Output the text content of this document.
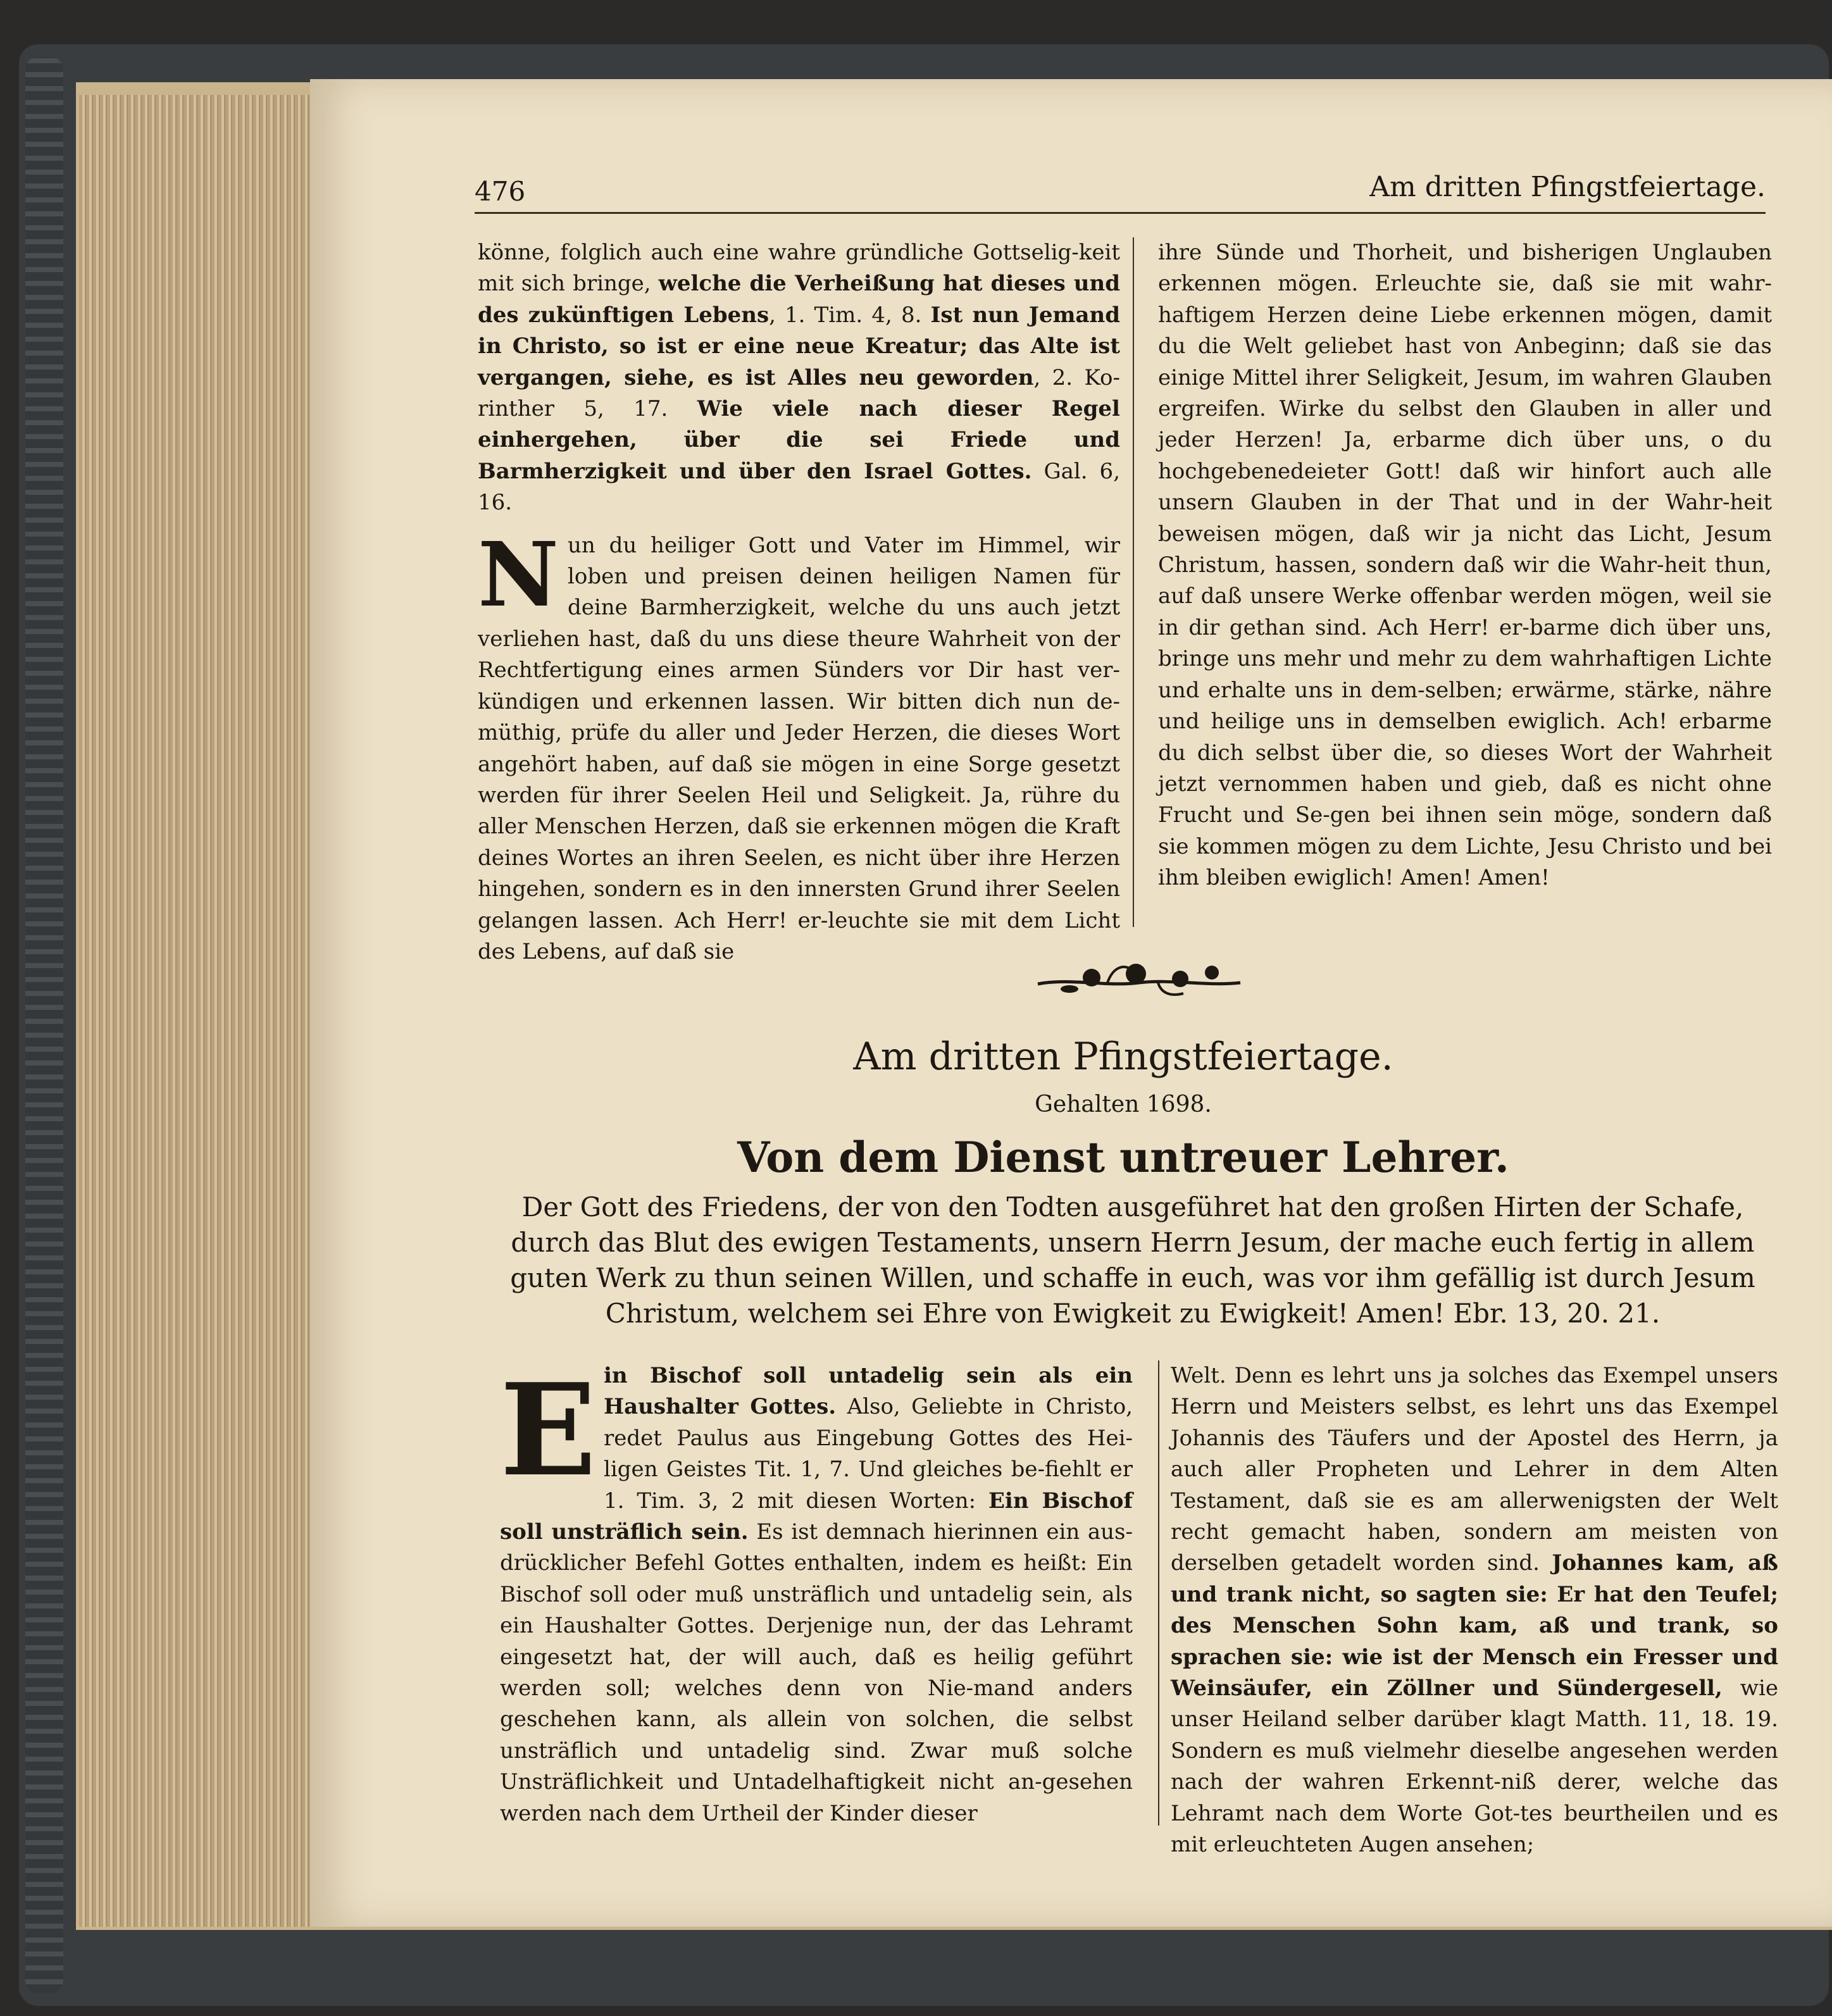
476	Am dritten Pfingstfeiertage.

könne, folglich auch eine wahre gründliche Gottselig-keit mit sich bringe, welche die Verheißung hat dieses und des zukünftigen Lebens, 1. Tim. 4, 8. Ist nun Jemand in Christo, so ist er eine neue Kreatur; das Alte ist vergangen, siehe, es ist Alles neu geworden, 2. Ko-rinther 5, 17. Wie viele nach dieser Regel einhergehen, über die sei Friede und Barmherzigkeit und über den Israel Gottes. Gal. 6, 16.

Nun du heiliger Gott und Vater im Himmel, wir loben und preisen deinen heiligen Namen für deine Barmherzigkeit, welche du uns auch jetzt verliehen hast, daß du uns diese theure Wahrheit von der Rechtfertigung eines armen Sünders vor Dir hast ver-kündigen und erkennen lassen. Wir bitten dich nun de-müthig, prüfe du aller und Jeder Herzen, die dieses Wort angehört haben, auf daß sie mögen in eine Sorge gesetzt werden für ihrer Seelen Heil und Seligkeit. Ja, rühre du aller Menschen Herzen, daß sie erkennen mögen die Kraft deines Wortes an ihren Seelen, es nicht über ihre Herzen hingehen, sondern es in den innersten Grund ihrer Seelen gelangen lassen. Ach Herr! er-leuchte sie mit dem Licht des Lebens, auf daß sie

ihre Sünde und Thorheit, und bisherigen Unglauben erkennen mögen. Erleuchte sie, daß sie mit wahr-haftigem Herzen deine Liebe erkennen mögen, damit du die Welt geliebet hast von Anbeginn; daß sie das einige Mittel ihrer Seligkeit, Jesum, im wahren Glauben ergreifen. Wirke du selbst den Glauben in aller und jeder Herzen! Ja, erbarme dich über uns, o du hochgebenedeieter Gott! daß wir hinfort auch alle unsern Glauben in der That und in der Wahr-heit beweisen mögen, daß wir ja nicht das Licht, Jesum Christum, hassen, sondern daß wir die Wahr-heit thun, auf daß unsere Werke offenbar werden mögen, weil sie in dir gethan sind. Ach Herr! er-barme dich über uns, bringe uns mehr und mehr zu dem wahrhaftigen Lichte und erhalte uns in dem-selben; erwärme, stärke, nähre und heilige uns in demselben ewiglich. Ach! erbarme du dich selbst über die, so dieses Wort der Wahrheit jetzt vernommen haben und gieb, daß es nicht ohne Frucht und Se-gen bei ihnen sein möge, sondern daß sie kommen mögen zu dem Lichte, Jesu Christo und bei ihm bleiben ewiglich! Amen! Amen!

Am dritten Pfingstfeiertage.
Gehalten 1698.
Von dem Dienst untreuer Lehrer.
Der Gott des Friedens, der von den Todten ausgeführet hat den großen Hirten der Schafe, durch das Blut des ewigen Testaments, unsern Herrn Jesum, der mache euch fertig in allem guten Werk zu thun seinen Willen, und schaffe in euch, was vor ihm gefällig ist durch Jesum Christum, welchem sei Ehre von Ewigkeit zu Ewigkeit! Amen! Ebr. 13, 20. 21.

Ein Bischof soll untadelig sein als ein Haushalter Gottes. Also, Geliebte in Christo, redet Paulus aus Eingebung Gottes des Hei-ligen Geistes Tit. 1, 7. Und gleiches be-fiehlt er 1. Tim. 3, 2 mit diesen Worten: Ein Bischof soll unsträflich sein. Es ist demnach hierinnen ein aus-drücklicher Befehl Gottes enthalten, indem es heißt: Ein Bischof soll oder muß unsträflich und untadelig sein, als ein Haushalter Gottes. Derjenige nun, der das Lehramt eingesetzt hat, der will auch, daß es heilig geführt werden soll; welches denn von Nie-mand anders geschehen kann, als allein von solchen, die selbst unsträflich und untadelig sind. Zwar muß solche Unsträflichkeit und Untadelhaftigkeit nicht an-gesehen werden nach dem Urtheil der Kinder dieser

Welt. Denn es lehrt uns ja solches das Exempel unsers Herrn und Meisters selbst, es lehrt uns das Exempel Johannis des Täufers und der Apostel des Herrn, ja auch aller Propheten und Lehrer in dem Alten Testament, daß sie es am allerwenigsten der Welt recht gemacht haben, sondern am meisten von derselben getadelt worden sind. Johannes kam, aß und trank nicht, so sagten sie: Er hat den Teufel; des Menschen Sohn kam, aß und trank, so sprachen sie: wie ist der Mensch ein Fresser und Weinsäufer, ein Zöllner und Sündergesell, wie unser Heiland selber darüber klagt Matth. 11, 18. 19. Sondern es muß vielmehr dieselbe angesehen werden nach der wahren Erkennt-niß derer, welche das Lehramt nach dem Worte Got-tes beurtheilen und es mit erleuchteten Augen ansehen;
